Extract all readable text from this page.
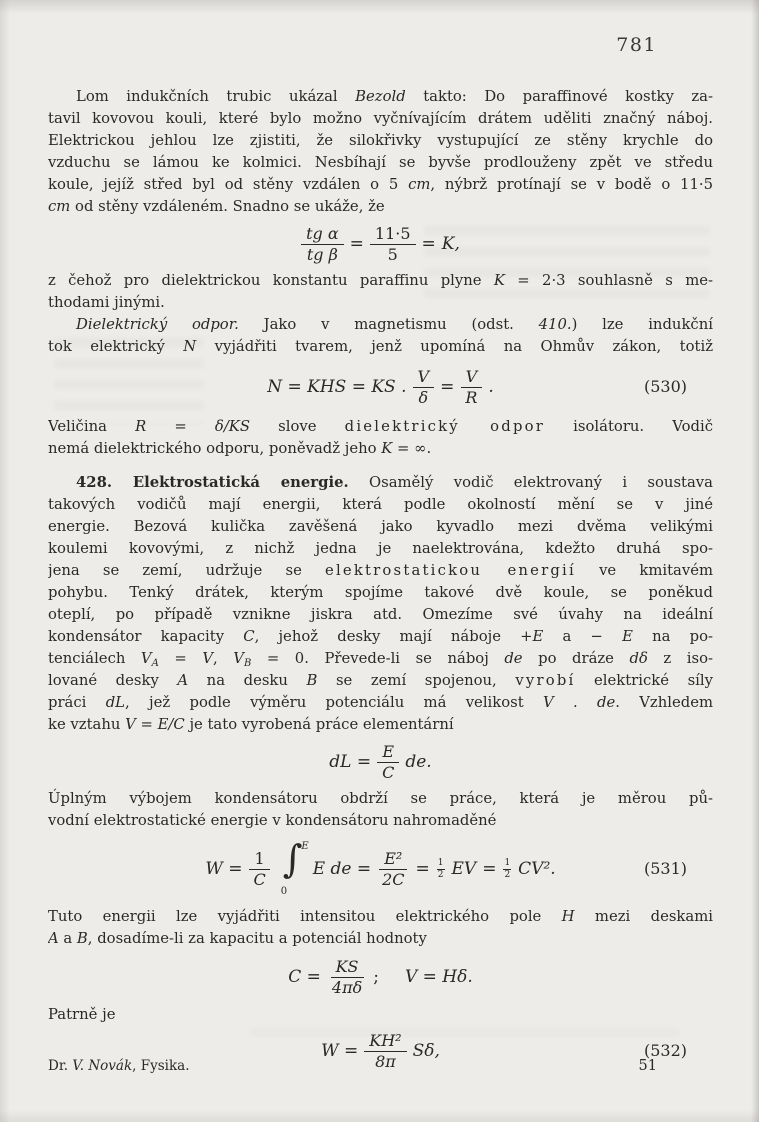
781
Lom indukčních trubic ukázal Bezold takto: Do paraffinové kostky za-
tavil kovovou kouli, které bylo možno vyčnívajícím drátem uděliti značný náboj.
Elektrickou jehlou lze zjistiti, že silokřivky vystupující ze stěny krychle do
vzduchu se lámou ke kolmici. Nesbíhají se byvše prodlouženy zpět ve středu
koule, jejíž střed byl od stěny vzdálen o 5 cm, nýbrž protínají se v bodě o 11·5
cm od stěny vzdáleném. Snadno se ukáže, že
$\frac{\text{tg α}}{\text{tg β}} = \frac{11\cdot 5}{5} = K$,
z čehož pro dielektrickou konstantu paraffinu plyne K = 2·3 souhlasně s me-
thodami jinými.
Dielektrický odpor. Jako v magnetismu (odst. 410.) lze indukční
tok elektrický N vyjádřiti tvarem, jenž upomíná na Ohmův zákon, totiž
N = KHS = KS . $\frac{V}{\delta} = \frac{V}{R}$ .	(530)
Veličina R = δ/KS slove dielektrický odpor isolátoru. Vodič
nemá dielektrického odporu, poněvadž jeho K = ∞.
428. Elektrostatická energie. Osamělý vodič elektrovaný i soustava
takových vodičů mají energii, která podle okolností mění se v jiné
energie. Bezová kulička zavěšená jako kyvadlo mezi dvěma velikými
koulemi kovovými, z nichž jedna je naelektrována, kdežto druhá spo-
jena se zemí, udržuje se elektrostatickou energií ve kmitavém
pohybu. Tenký drátek, kterým spojíme takové dvě koule, se poněkud
oteplí, po případě vznikne jiskra atd. Omezíme své úvahy na ideální
kondensátor kapacity C, jehož desky mají náboje +E a − E na po-
tenciálech $V_A = V$, $V_B = 0$. Převede-li se náboj de po dráze dδ z iso-
lované desky A na desku B se zemí spojenou, vyrobí elektrické síly
práci dL, jež podle výměru potenciálu má velikost V . de. Vzhledem
ke vztahu V = E/C je tato vyrobená práce elementární
dL = $\frac{E}{C}$ de.
Úplným výbojem kondensátoru obdrží se práce, která je měrou pů-
vodní elektrostatické energie v kondensátoru nahromaděné
$W = \frac{1}{C}$ ∫
E
0
E de = $\frac{\text{E²}}{2C} = \frac{1}{2}$ EV = $\frac{1}{2} CV^2$.	(531)
Tuto energii lze vyjádřiti intensitou elektrického pole H mezi deskami
A a B, dosadíme-li za kapacitu a potenciál hodnoty
$C = \frac{KS}{4\pi\delta}$ ; V = Hδ.
Patrně je
$W = \frac{\text{KH²}}{8\pi} S\delta$,	(532)
Dr. V. Novák, Fysika.	51
